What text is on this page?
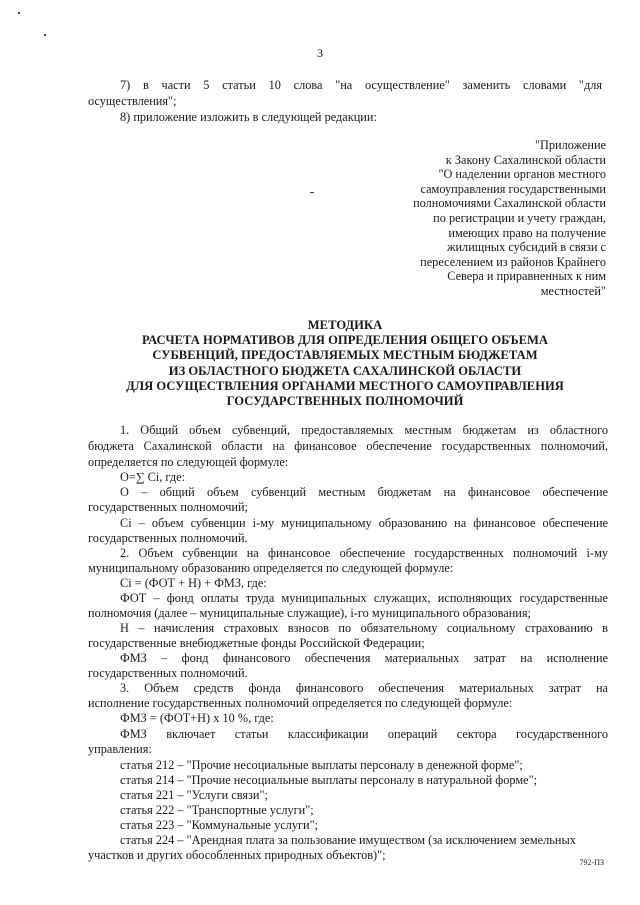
3
7) в части 5 статьи 10 слова "на осуществление" заменить словами "для
осуществления";
8) приложение изложить в следующей редакции:
"Приложение
к Закону Сахалинской области
"О наделении органов местного
самоуправления государственными
полномочиями Сахалинской области
по регистрации и учету граждан,
имеющих право на получение
жилищных субсидий в связи с
переселением из районов Крайнего
Севера и приравненных к ним
местностей"
МЕТОДИКА
РАСЧЕТА НОРМАТИВОВ ДЛЯ ОПРЕДЕЛЕНИЯ ОБЩЕГО ОБЪЕМА
СУБВЕНЦИЙ, ПРЕДОСТАВЛЯЕМЫХ МЕСТНЫМ БЮДЖЕТАМ
ИЗ ОБЛАСТНОГО БЮДЖЕТА САХАЛИНСКОЙ ОБЛАСТИ
ДЛЯ ОСУЩЕСТВЛЕНИЯ ОРГАНАМИ МЕСТНОГО САМОУПРАВЛЕНИЯ
ГОСУДАРСТВЕННЫХ ПОЛНОМОЧИЙ
1. Общий объем субвенций, предоставляемых местным бюджетам из областного
бюджета Сахалинской области на финансовое обеспечение государственных полномочий,
определяется по следующей формуле:
О=∑ Ci, где:
О – общий объем субвенций местным бюджетам на финансовое обеспечение
государственных полномочий;
Ci – объем субвенции i-му муниципальному образованию на финансовое обеспечение
государственных полномочий.
2. Объем субвенции на финансовое обеспечение государственных полномочий i-му
муниципальному образованию определяется по следующей формуле:
Ci = (ФОТ + Н) + ФМЗ, где:
ФОТ – фонд оплаты труда муниципальных служащих, исполняющих государственные
полномочия (далее – муниципальные служащие), i-го муниципального образования;
Н – начисления страховых взносов по обязательному социальному страхованию в
государственные внебюджетные фонды Российской Федерации;
ФМЗ – фонд финансового обеспечения материальных затрат на исполнение
государственных полномочий.
3. Объем средств фонда финансового обеспечения материальных затрат на
исполнение государственных полномочий определяется по следующей формуле:
ФМЗ = (ФОТ+Н) х 10 %, где:
ФМЗ включает статьи классификации операций сектора государственного
управления:
статья 212 – "Прочие несоциальные выплаты персоналу в денежной форме";
статья 214 – "Прочие несоциальные выплаты персоналу в натуральной форме";
статья 221 – "Услуги связи";
статья 222 – "Транспортные услуги";
статья 223 – "Коммунальные услуги";
статья 224 – "Арендная плата за пользование имуществом (за исключением земельных
участков и других обособленных природных объектов)";
792-ПЗ
